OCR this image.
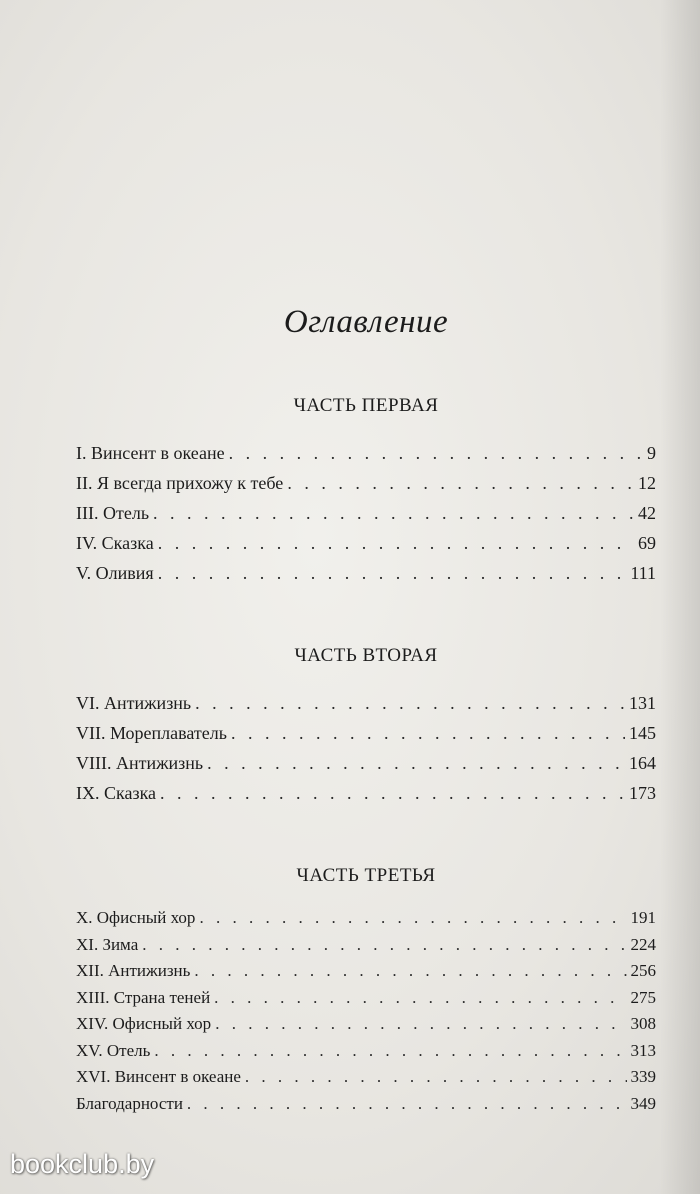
Оглавление
ЧАСТЬ ПЕРВАЯ
I. Винсент в океане . . .	9
II. Я всегда прихожу к тебе . . .	12
III. Отель . . .	42
IV. Сказка . . .	69
V. Оливия . . .	111
ЧАСТЬ ВТОРАЯ
VI. Антижизнь . . .	131
VII. Мореплаватель . . .	145
VIII. Антижизнь . . .	164
IX. Сказка . . .	173
ЧАСТЬ ТРЕТЬЯ
X. Офисный хор . . .	191
XI. Зима . . .	224
XII. Антижизнь . . .	256
XIII. Страна теней . . .	275
XIV. Офисный хор . . .	308
XV. Отель . . .	313
XVI. Винсент в океане . . .	339
Благодарности . . .	349
bookclub.by
